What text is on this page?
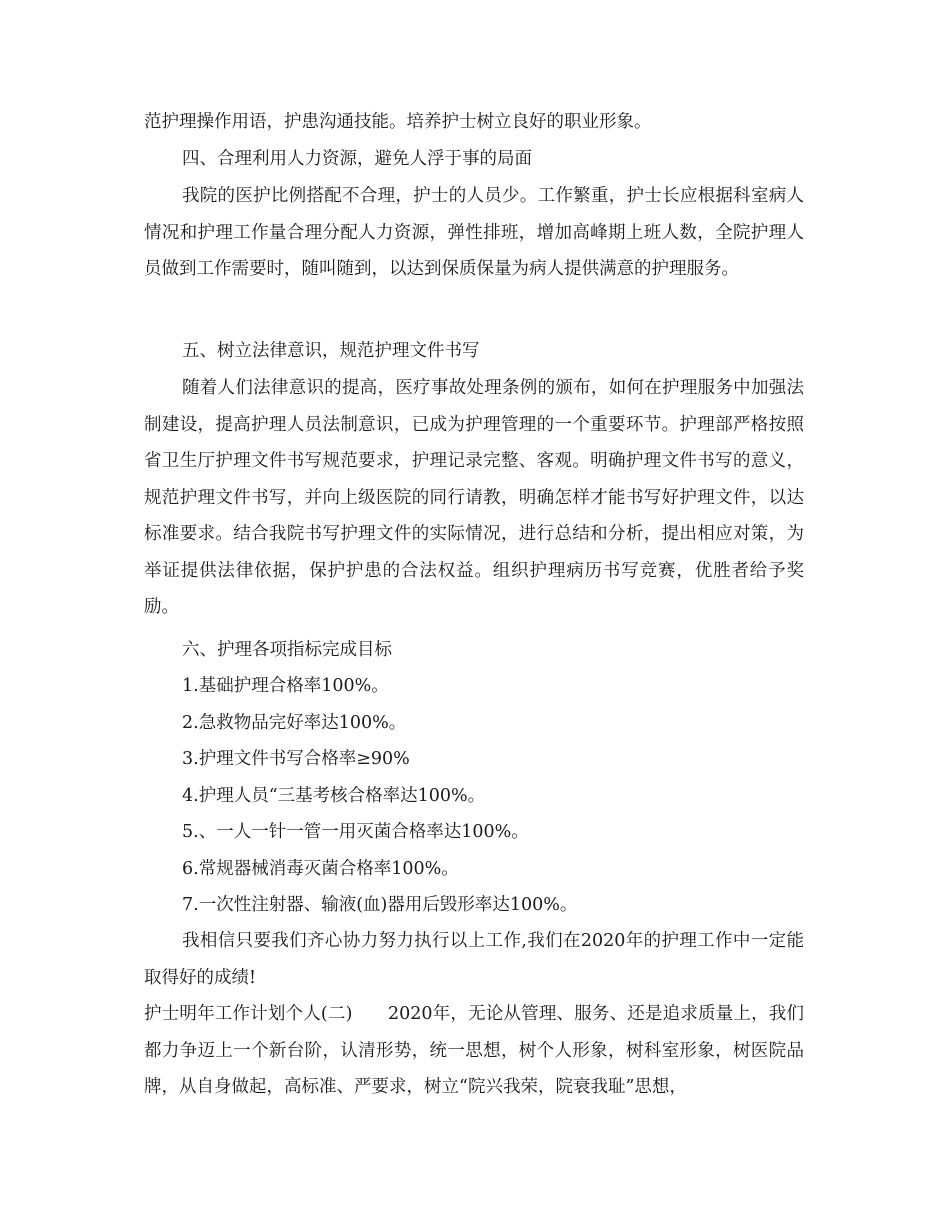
范护理操作用语，护患沟通技能。培养护士树立良好的职业形象。
四、合理利用人力资源，避免人浮于事的局面
我院的医护比例搭配不合理，护士的人员少。工作繁重，护士长应根据科室病人情况和护理工作量合理分配人力资源，弹性排班，增加高峰期上班人数，全院护理人员做到工作需要时，随叫随到，以达到保质保量为病人提供满意的护理服务。
五、树立法律意识，规范护理文件书写
随着人们法律意识的提高，医疗事故处理条例的颁布，如何在护理服务中加强法制建设，提高护理人员法制意识，已成为护理管理的一个重要环节。护理部严格按照省卫生厅护理文件书写规范要求，护理记录完整、客观。明确护理文件书写的意义，规范护理文件书写，并向上级医院的同行请教，明确怎样才能书写好护理文件，以达标准要求。结合我院书写护理文件的实际情况，进行总结和分析，提出相应对策，为举证提供法律依据，保护护患的合法权益。组织护理病历书写竞赛，优胜者给予奖励。
六、护理各项指标完成目标
1.基础护理合格率100%。
2.急救物品完好率达100%。
3.护理文件书写合格率≥90%
4.护理人员“三基考核合格率达100%。
5.、一人一针一管一用灭菌合格率达100%。
6.常规器械消毒灭菌合格率100%。
7.一次性注射器、输液(血)器用后毁形率达100%。
我相信只要我们齐心协力努力执行以上工作,我们在2020年的护理工作中一定能取得好的成绩!
护士明年工作计划个人(二)　　2020年，无论从管理、服务、还是追求质量上，我们都力争迈上一个新台阶，认清形势，统一思想，树个人形象，树科室形象，树医院品牌，从自身做起，高标准、严要求，树立“院兴我荣，院衰我耻”思想，
